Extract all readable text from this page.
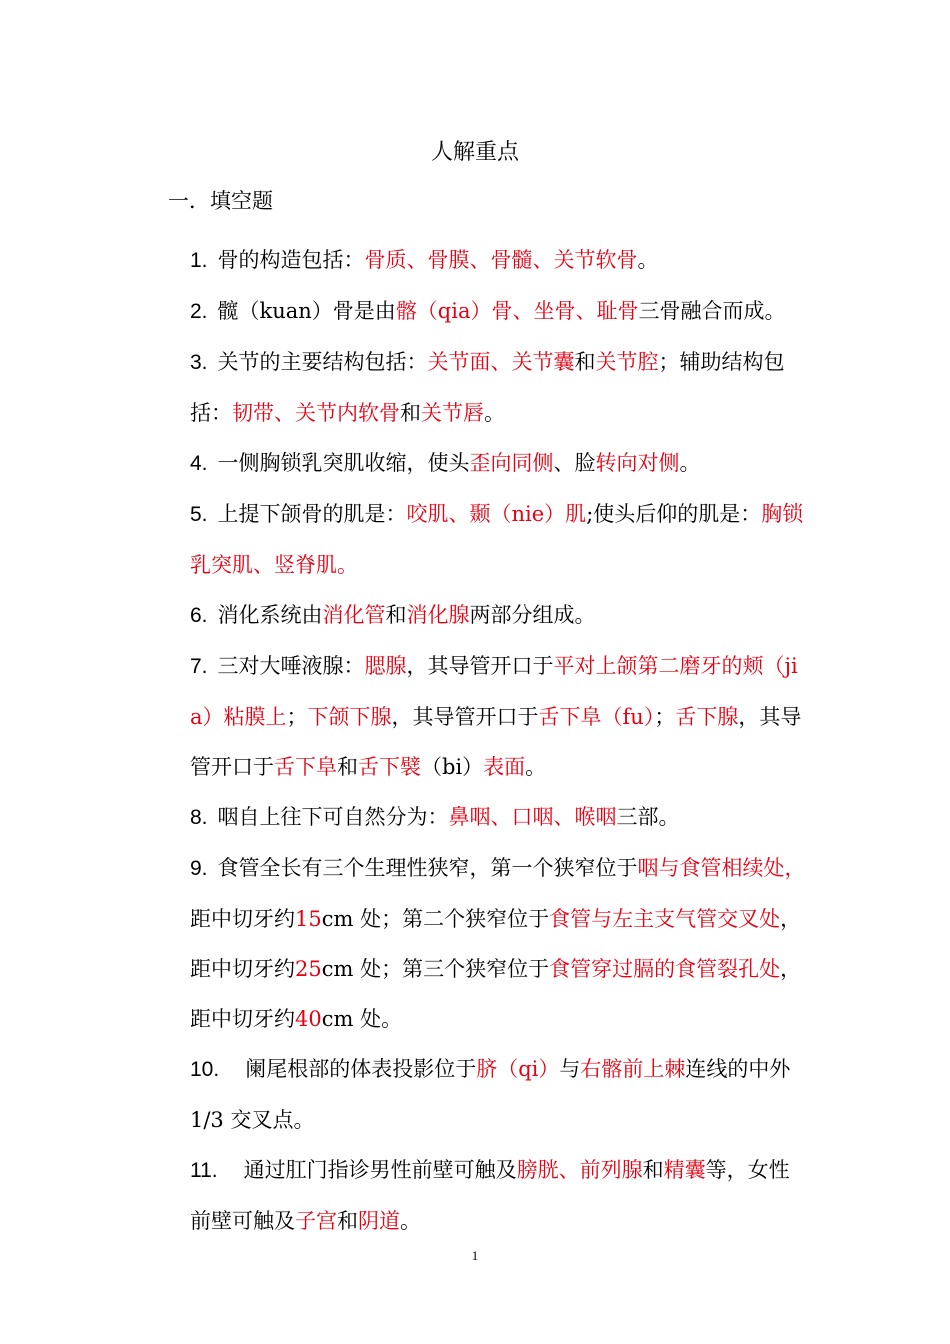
人解重点
一．填空题

1. 骨的构造包括：骨质、骨膜、骨髓、关节软骨。

2. 髋（kuan）骨是由髂（qia）骨、坐骨、耻骨三骨融合而成。

3. 关节的主要结构包括：关节面、关节囊和关节腔；辅助结构包括：韧带、关节内软骨和关节唇。

4. 一侧胸锁乳突肌收缩，使头歪向同侧、脸转向对侧。

5. 上提下颌骨的肌是：咬肌、颞（nie）肌;使头后仰的肌是：胸锁乳突肌、竖脊肌。

6. 消化系统由消化管和消化腺两部分组成。

7. 三对大唾液腺：腮腺，其导管开口于平对上颌第二磨牙的颊（jia）粘膜上；下颌下腺，其导管开口于舌下阜（fu）；舌下腺，其导管开口于舌下阜和舌下襞（bi）表面。

8. 咽自上往下可自然分为：鼻咽、口咽、喉咽三部。

9. 食管全长有三个生理性狭窄，第一个狭窄位于咽与食管相续处，距中切牙约15cm 处；第二个狭窄位于食管与左主支气管交叉处，距中切牙约25cm 处；第三个狭窄位于食管穿过膈的食管裂孔处，距中切牙约40cm 处。

10. 阑尾根部的体表投影位于脐（qi）与右髂前上棘连线的中外 1/3 交叉点。

11. 通过肛门指诊男性前壁可触及膀胱、前列腺和精囊等，女性前壁可触及子宫和阴道。

1
